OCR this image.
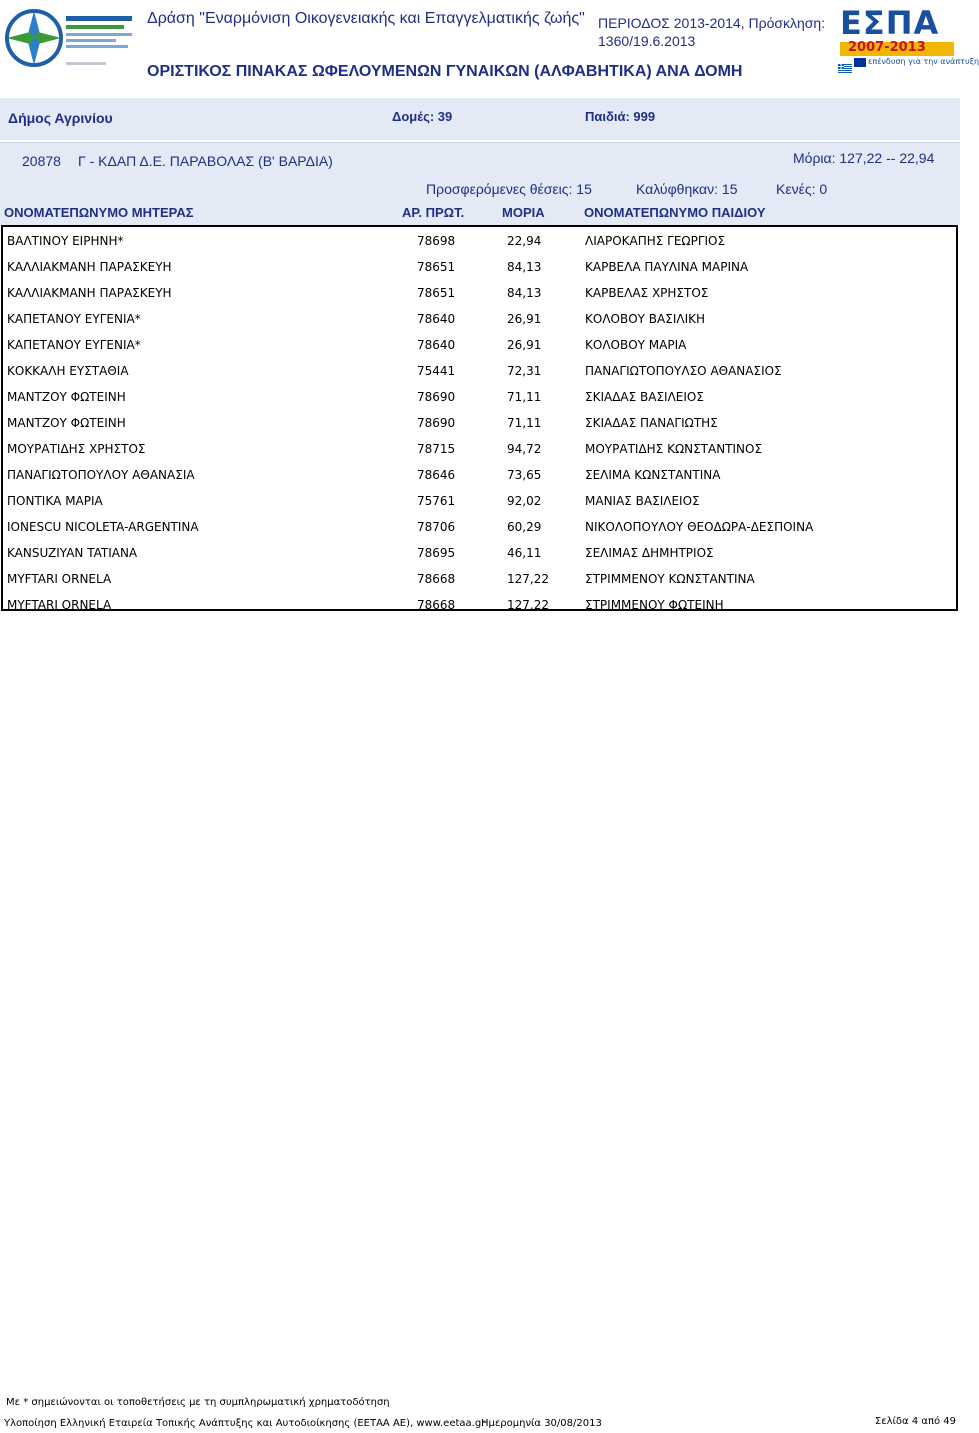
Δράση "Εναρμόνιση Οικογενειακής και Επαγγελματικής ζωής" ΠΕΡΙΟΔΟΣ 2013-2014, Πρόσκληση:
1360/19.6.2013
ΟΡΙΣΤΙΚΟΣ ΠΙΝΑΚΑΣ ΩΦΕΛΟΥΜΕΝΩΝ ΓΥΝΑΙΚΩΝ (ΑΛΦΑΒΗΤΙΚΑ) ΑΝΑ ΔΟΜΗ
ΕΣΠΑ
2007-2013
επένδυση για την ανάπτυξη
Δήμος Αγρινίου	Δομές: 39	Παιδιά: 999
20878 Γ - ΚΔΑΠ Δ.Ε. ΠΑΡΑΒΟΛΑΣ (Β' ΒΑΡΔΙΑ)	Μόρια: 127,22 -- 22,94
Προσφερόμενες θέσεις: 15	Καλύφθηκαν: 15	Κενές: 0
ΟΝΟΜΑΤΕΠΩΝΥΜΟ ΜΗΤΕΡΑΣ	ΑΡ. ΠΡΩΤ.	ΜΟΡΙΑ	ΟΝΟΜΑΤΕΠΩΝΥΜΟ ΠΑΙΔΙΟΥ
ΒΑΛΤΙΝΟΥ ΕΙΡΗΝΗ*	78698	22,94	ΛΙΑΡΟΚΑΠΗΣ ΓΕΩΡΓΙΟΣ
ΚΑΛΛΙΑΚΜΑΝΗ ΠΑΡΑΣΚΕΥΗ	78651	84,13	ΚΑΡΒΕΛΑ ΠΑΥΛΙΝΑ ΜΑΡΙΝΑ
ΚΑΛΛΙΑΚΜΑΝΗ ΠΑΡΑΣΚΕΥΗ	78651	84,13	ΚΑΡΒΕΛΑΣ ΧΡΗΣΤΟΣ
ΚΑΠΕΤΑΝΟΥ ΕΥΓΕΝΙΑ*	78640	26,91	ΚΟΛΟΒΟΥ ΒΑΣΙΛΙΚΗ
ΚΑΠΕΤΑΝΟΥ ΕΥΓΕΝΙΑ*	78640	26,91	ΚΟΛΟΒΟΥ ΜΑΡΙΑ
ΚΟΚΚΑΛΗ ΕΥΣΤΑΘΙΑ	75441	72,31	ΠΑΝΑΓΙΩΤΟΠΟΥΛΣΟ ΑΘΑΝΑΣΙΟΣ
ΜΑΝΤΖΟΥ ΦΩΤΕΙΝΗ	78690	71,11	ΣΚΙΑΔΑΣ ΒΑΣΙΛΕΙΟΣ
ΜΑΝΤΖΟΥ ΦΩΤΕΙΝΗ	78690	71,11	ΣΚΙΑΔΑΣ ΠΑΝΑΓΙΩΤΗΣ
ΜΟΥΡΑΤΙΔΗΣ ΧΡΗΣΤΟΣ	78715	94,72	ΜΟΥΡΑΤΙΔΗΣ ΚΩΝΣΤΑΝΤΙΝΟΣ
ΠΑΝΑΓΙΩΤΟΠΟΥΛΟΥ ΑΘΑΝΑΣΙΑ	78646	73,65	ΣΕΛΙΜΑ ΚΩΝΣΤΑΝΤΙΝΑ
ΠΟΝΤΙΚΑ ΜΑΡΙΑ	75761	92,02	ΜΑΝΙΑΣ ΒΑΣΙΛΕΙΟΣ
IONESCU NICOLETA-ARGENTINA	78706	60,29	ΝΙΚΟΛΟΠΟΥΛΟΥ ΘΕΟΔΩΡΑ-ΔΕΣΠΟΙΝΑ
KANSUZIYAN TATIANA	78695	46,11	ΣΕΛΙΜΑΣ ΔΗΜΗΤΡΙΟΣ
MYFTARI ORNELA	78668	127,22	ΣΤΡΙΜΜΕΝΟΥ ΚΩΝΣΤΑΝΤΙΝΑ
MYFTARI ORNELA	78668	127,22	ΣΤΡΙΜΜΕΝΟΥ ΦΩΤΕΙΝΗ
Με * σημειώνονται οι τοποθετήσεις με τη συμπληρωματική χρηματοδότηση
Υλοποίηση Ελληνική Εταιρεία Τοπικής Ανάπτυξης και Αυτοδιοίκησης (ΕΕΤΑΑ ΑΕ), www.eetaa.gr
Ημερομηνία 30/08/2013	Σελίδα 4 από 49
